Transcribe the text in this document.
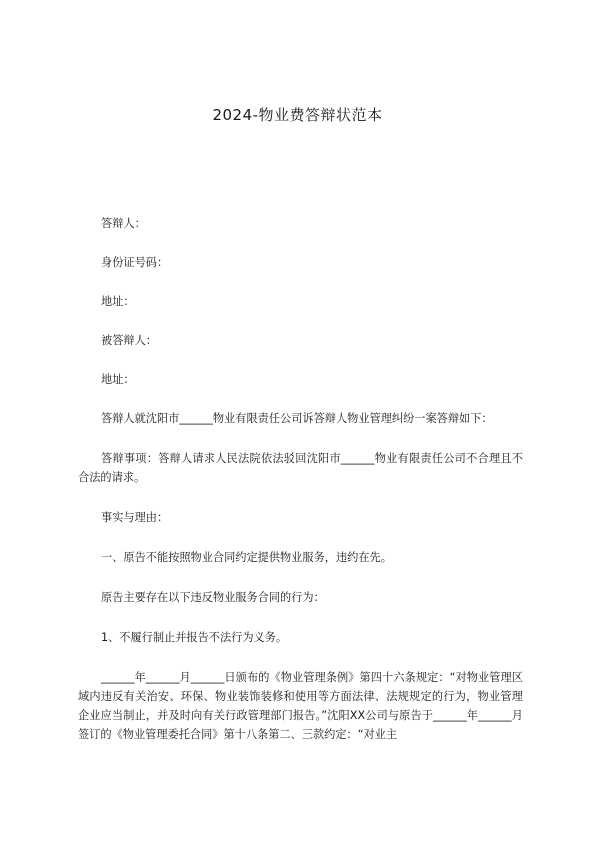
2024-物业费答辩状范本

答辩人：

身份证号码：

地址：

被答辩人：

地址：

答辩人就沈阳市______物业有限责任公司诉答辩人物业管理纠纷一案答辩如下：

答辩事项：答辩人请求人民法院依法驳回沈阳市______物业有限责任公司不合理且不合法的请求。

事实与理由：

一、原告不能按照物业合同约定提供物业服务，违约在先。

原告主要存在以下违反物业服务合同的行为：

1、不履行制止并报告不法行为义务。

______年______月______日颁布的《物业管理条例》第四十六条规定：“对物业管理区域内违反有关治安、环保、物业装饰装修和使用等方面法律、法规规定的行为，物业管理企业应当制止，并及时向有关行政管理部门报告。”沈阳XX公司与原告于______年______月签订的《物业管理委托合同》第十八条第二、三款约定：“对业主
